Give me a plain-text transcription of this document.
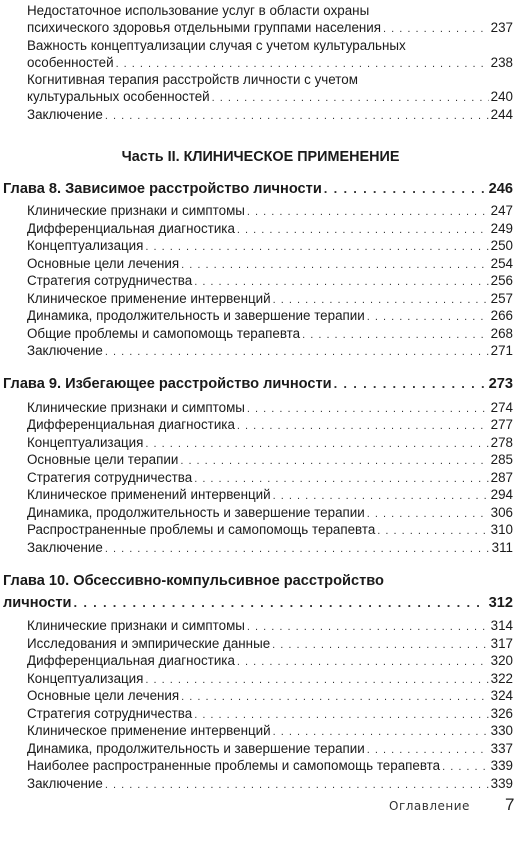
Недостаточное использование услуг в области охраны
психического здоровья отдельными группами населения . . .	237
Важность концептуализации случая с учетом культуральных
особенностей . . .	238
Когнитивная терапия расстройств личности с учетом
культуральных особенностей . . .	240
Заключение . . .	244
Часть II. КЛИНИЧЕСКОЕ ПРИМЕНЕНИЕ
Глава 8. Зависимое расстройство личности . . .	246
Клинические признаки и симптомы . . .	247
Дифференциальная диагностика . . .	249
Концептуализация . . .	250
Основные цели лечения . . .	254
Стратегия сотрудничества . . .	256
Клиническое применение интервенций . . .	257
Динамика, продолжительность и завершение терапии . . .	266
Общие проблемы и самопомощь терапевта . . .	268
Заключение . . .	271
Глава 9. Избегающее расстройство личности . . .	273
Клинические признаки и симптомы . . .	274
Дифференциальная диагностика . . .	277
Концептуализация . . .	278
Основные цели терапии . . .	285
Стратегия сотрудничества . . .	287
Клиническое применений интервенций . . .	294
Динамика, продолжительность и завершение терапии . . .	306
Распространенные проблемы и самопомощь терапевта . . .	310
Заключение . . .	311
Глава 10. Обсессивно-компульсивное расстройство
личности . . .	312
Клинические признаки и симптомы . . .	314
Исследования и эмпирические данные . . .	317
Дифференциальная диагностика . . .	320
Концептуализация . . .	322
Основные цели лечения . . .	324
Стратегия сотрудничества . . .	326
Клиническое применение интервенций . . .	330
Динамика, продолжительность и завершение терапии . . .	337
Наиболее распространенные проблемы и самопомощь терапевта . . .	339
Заключение . . .	339
Оглавление 7
